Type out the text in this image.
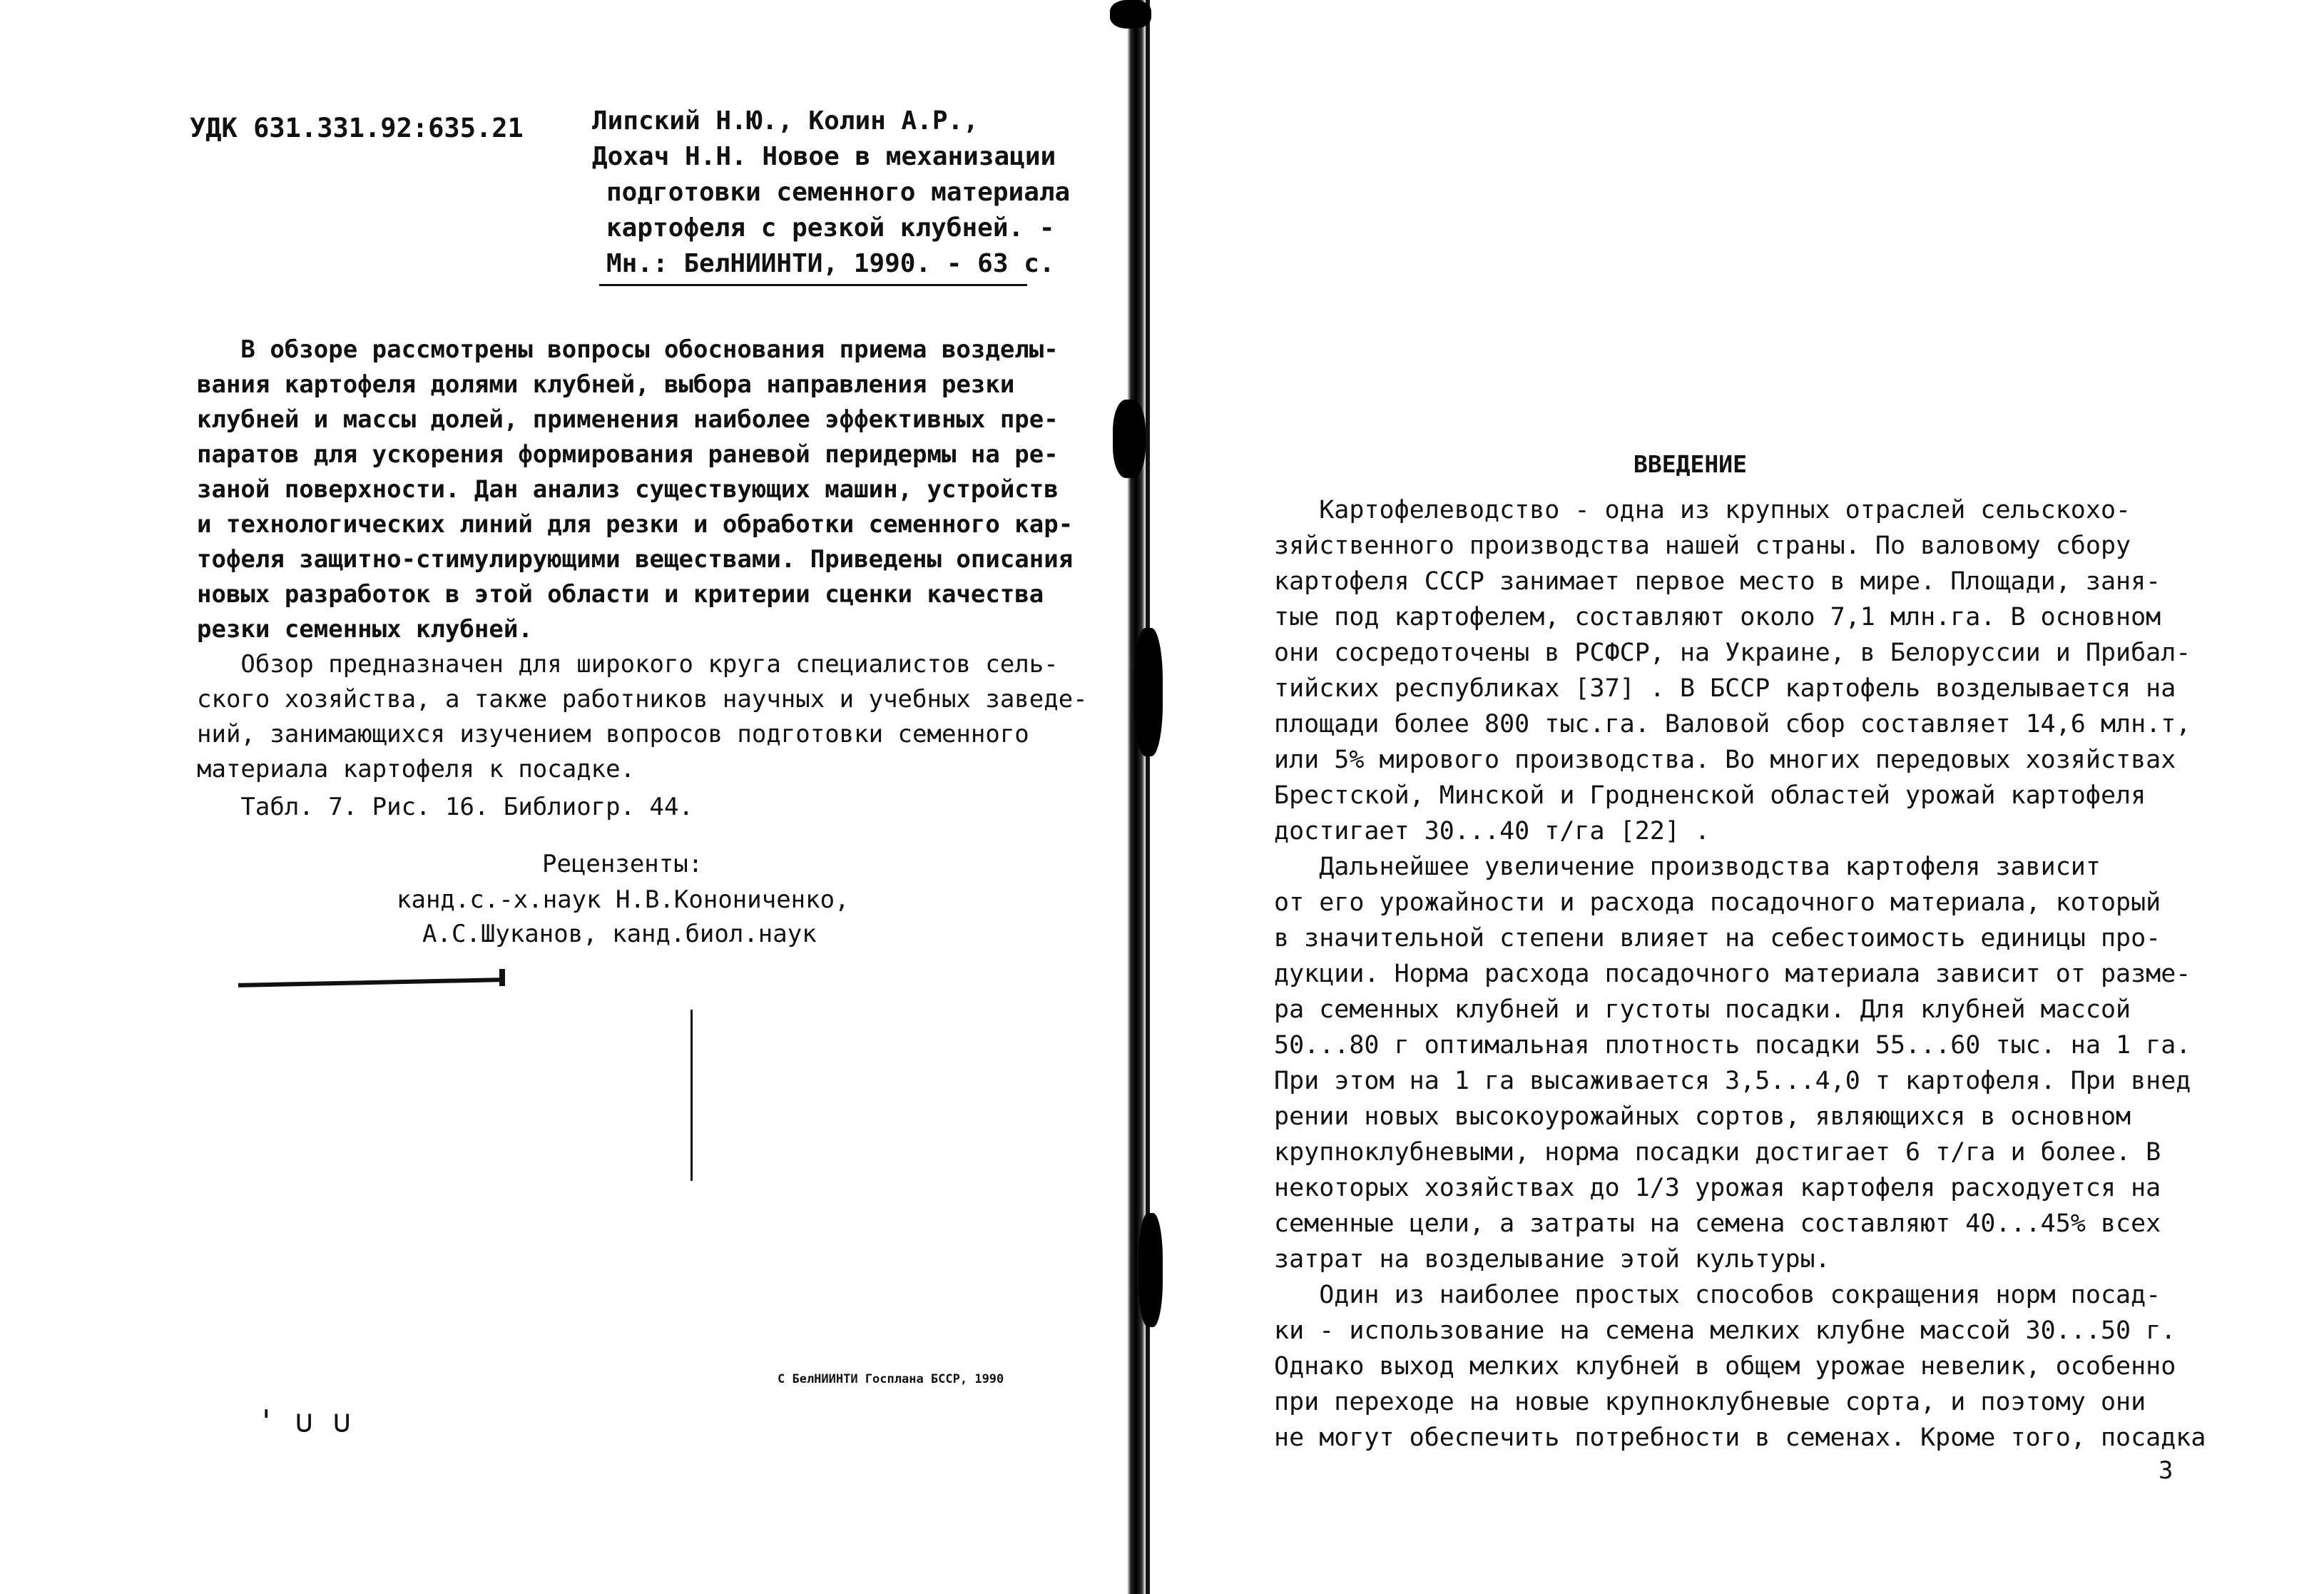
УДК 631.331.92:635.21	Липский Н.Ю., Колин А.Р.,
Дохач Н.Н. Новое в механизации
подготовки семенного материала
картофеля с резкой клубней. -
Мн.: БелНИИНТИ, 1990. - 63 с.
В обзоре рассмотрены вопросы обоснования приема возделы-
вания картофеля долями клубней, выбора направления резки
клубней и массы долей, применения наиболее эффективных пре-
паратов для ускорения формирования раневой перидермы на ре-
заной поверхности. Дан анализ существующих машин, устройств
и технологических линий для резки и обработки семенного кар-
тофеля защитно-стимулирующими веществами. Приведены описания
новых разработок в этой области и критерии сценки качества
резки семенных клубней.
Обзор предназначен для широкого круга специалистов сель-
ского хозяйства, а также работников научных и учебных заведе-
ний, занимающихся изучением вопросов подготовки семенного
материала картофеля к посадке.
Табл. 7. Рис. 16. Библиогр. 44.
Рецензенты:
канд.с.-х.наук Н.В.Конониченко,
А.С.Шуканов, канд.биол.наук
С БелНИИНТИ Госплана БССР, 1990
' ∪ ∪
ВВЕДЕНИЕ
Картофелеводство - одна из крупных отраслей сельскохо-
зяйственного производства нашей страны. По валовому сбору
картофеля СССР занимает первое место в мире. Площади, заня-
тые под картофелем, составляют около 7,1 млн.га. В основном
они сосредоточены в РСФСР, на Украине, в Белоруссии и Прибал-
тийских республиках [37] . В БССР картофель возделывается на
площади более 800 тыс.га. Валовой сбор составляет 14,6 млн.т,
или 5% мирового производства. Во многих передовых хозяйствах
Брестской, Минской и Гродненской областей урожай картофеля
достигает 30...40 т/га [22] .
Дальнейшее увеличение производства картофеля зависит
от его урожайности и расхода посадочного материала, который
в значительной степени влияет на себестоимость единицы про-
дукции. Норма расхода посадочного материала зависит от разме-
ра семенных клубней и густоты посадки. Для клубней массой
50...80 г оптимальная плотность посадки 55...60 тыс. на 1 га.
При этом на 1 га высаживается 3,5...4,0 т картофеля. При внед
рении новых высокоурожайных сортов, являющихся в основном
крупноклубневыми, норма посадки достигает 6 т/га и более. В
некоторых хозяйствах до 1/3 урожая картофеля расходуется на
семенные цели, а затраты на семена составляют 40...45% всех
затрат на возделывание этой культуры.
Один из наиболее простых способов сокращения норм посад-
ки - использование на семена мелких клубне массой 30...50 г.
Однако выход мелких клубней в общем урожае невелик, особенно
при переходе на новые крупноклубневые сорта, и поэтому они
не могут обеспечить потребности в семенах. Кроме того, посадка
3
